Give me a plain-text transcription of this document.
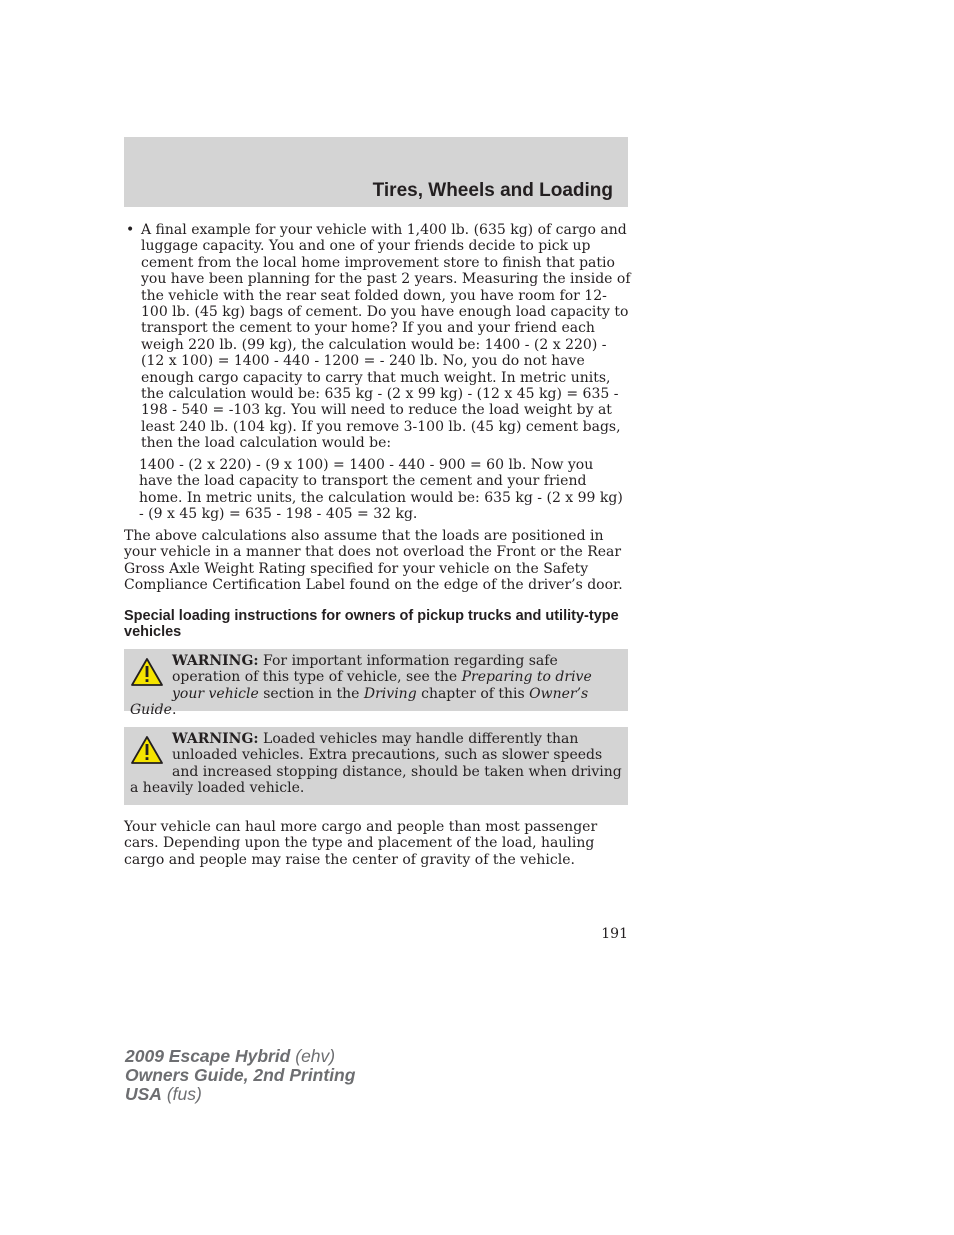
Tires, Wheels and Loading
• A final example for your vehicle with 1,400 lb. (635 kg) of cargo and luggage capacity. You and one of your friends decide to pick up cement from the local home improvement store to finish that patio you have been planning for the past 2 years. Measuring the inside of the vehicle with the rear seat folded down, you have room for 12-100 lb. (45 kg) bags of cement. Do you have enough load capacity to transport the cement to your home? If you and your friend each weigh 220 lb. (99 kg), the calculation would be: 1400 - (2 x 220) - (12 x 100) = 1400 - 440 - 1200 = - 240 lb. No, you do not have enough cargo capacity to carry that much weight. In metric units, the calculation would be: 635 kg - (2 x 99 kg) - (12 x 45 kg) = 635 - 198 - 540 = -103 kg. You will need to reduce the load weight by at least 240 lb. (104 kg). If you remove 3-100 lb. (45 kg) cement bags, then the load calculation would be:

1400 - (2 x 220) - (9 x 100) = 1400 - 440 - 900 = 60 lb. Now you have the load capacity to transport the cement and your friend home. In metric units, the calculation would be: 635 kg - (2 x 99 kg) - (9 x 45 kg) = 635 - 198 - 405 = 32 kg.

The above calculations also assume that the loads are positioned in your vehicle in a manner that does not overload the Front or the Rear Gross Axle Weight Rating specified for your vehicle on the Safety Compliance Certification Label found on the edge of the driver’s door.

Special loading instructions for owners of pickup trucks and utility-type vehicles

WARNING: For important information regarding safe operation of this type of vehicle, see the Preparing to drive your vehicle section in the Driving chapter of this Owner’s Guide.

WARNING: Loaded vehicles may handle differently than unloaded vehicles. Extra precautions, such as slower speeds and increased stopping distance, should be taken when driving a heavily loaded vehicle.

Your vehicle can haul more cargo and people than most passenger cars. Depending upon the type and placement of the load, hauling cargo and people may raise the center of gravity of the vehicle.

191
2009 Escape Hybrid (ehv)
Owners Guide, 2nd Printing
USA (fus)
